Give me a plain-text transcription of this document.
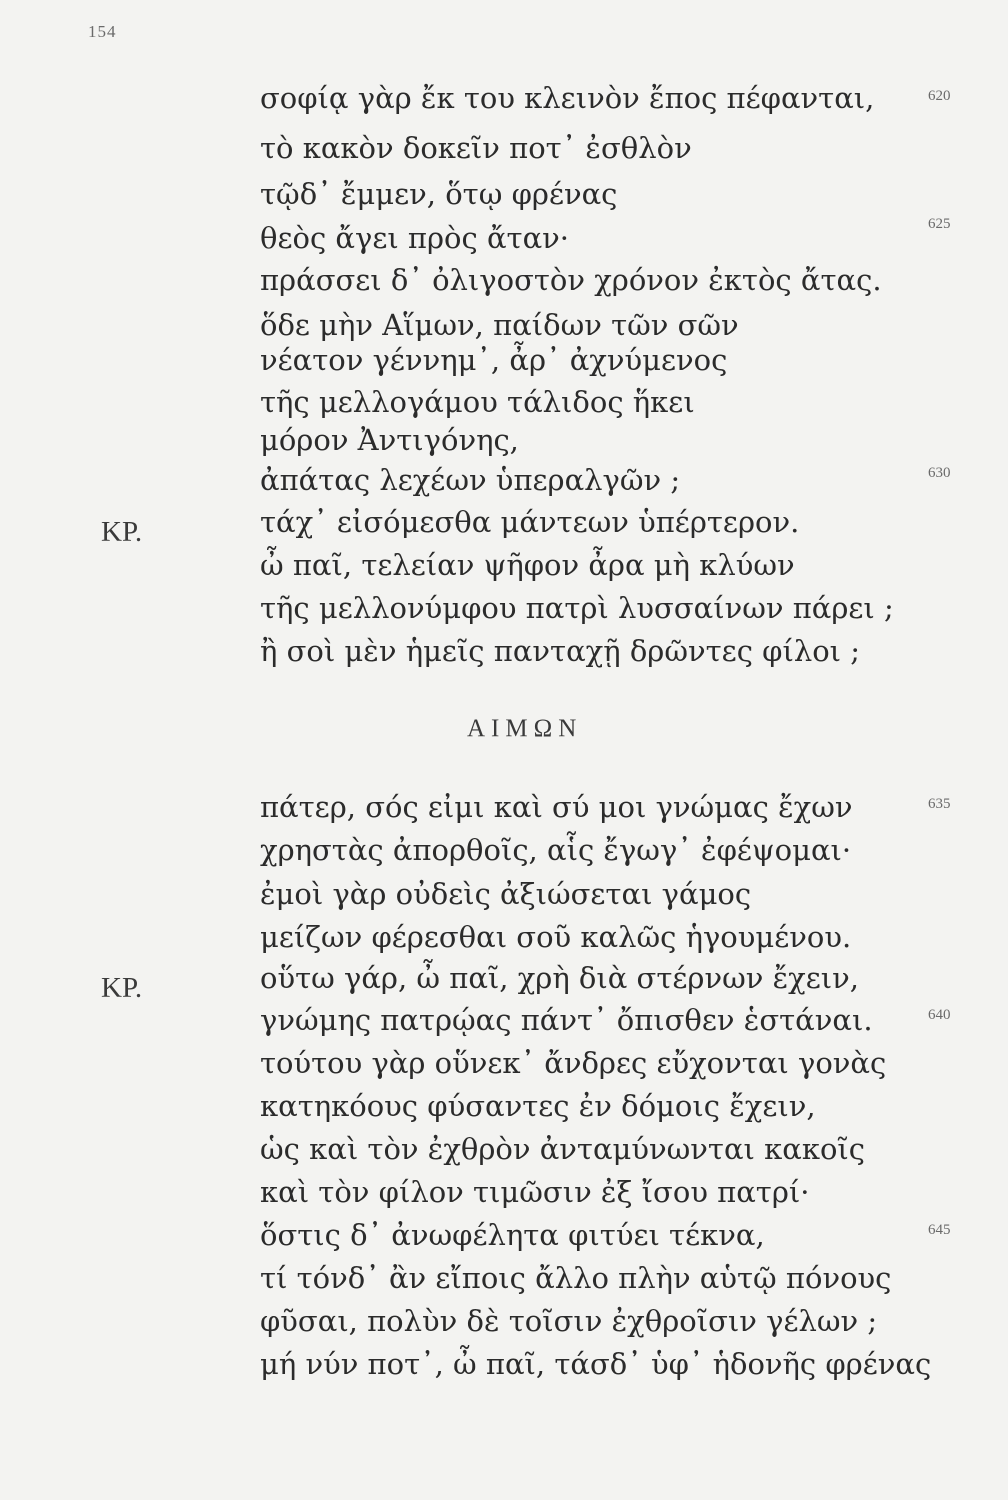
154
σοφίᾳ γὰρ ἔκ του κλεινὸν ἔπος πέφανται,	620
τὸ κακὸν δοκεῖν ποτ᾽ ἐσθλὸν
τῷδ᾽ ἔμμεν, ὅτῳ φρένας
θεὸς ἄγει πρὸς ἄταν·	625
πράσσει δ᾽ ὀλιγοστὸν χρόνον ἐκτὸς ἄτας.
ὅδε μὴν Αἵμων, παίδων τῶν σῶν
νέατον γέννημ᾽, ἆρ᾽ ἀχνύμενος
τῆς μελλογάμου τάλιδος ἥκει
μόρον Ἀντιγόνης,
ἀπάτας λεχέων ὑπεραλγῶν ;	630
ΚΡ.	τάχ᾽ εἰσόμεσθα μάντεων ὑπέρτερον.
ὦ παῖ, τελείαν ψῆφον ἆρα μὴ κλύων
τῆς μελλονύμφου πατρὶ λυσσαίνων πάρει ;
ἢ σοὶ μὲν ἡμεῖς πανταχῇ δρῶντες φίλοι ;
ΑΙΜΩΝ
πάτερ, σός εἰμι καὶ σύ μοι γνώμας ἔχων	635
χρηστὰς ἀπορθοῖς, αἷς ἔγωγ᾽ ἐφέψομαι·
ἐμοὶ γὰρ οὐδεὶς ἀξιώσεται γάμος
μείζων φέρεσθαι σοῦ καλῶς ἡγουμένου.
ΚΡ.	οὕτω γάρ, ὦ παῖ, χρὴ διὰ στέρνων ἔχειν,
γνώμης πατρῴας πάντ᾽ ὄπισθεν ἑστάναι.	640
τούτου γὰρ οὕνεκ᾽ ἄνδρες εὔχονται γονὰς
κατηκόους φύσαντες ἐν δόμοις ἔχειν,
ὡς καὶ τὸν ἐχθρὸν ἀνταμύνωνται κακοῖς
καὶ τὸν φίλον τιμῶσιν ἐξ ἴσου πατρί·
ὅστις δ᾽ ἀνωφέλητα φιτύει τέκνα,	645
τί τόνδ᾽ ἂν εἴποις ἄλλο πλὴν αὑτῷ πόνους
φῦσαι, πολὺν δὲ τοῖσιν ἐχθροῖσιν γέλων ;
μή νύν ποτ᾽, ὦ παῖ, τάσδ᾽ ὑφ᾽ ἡδονῆς φρένας
